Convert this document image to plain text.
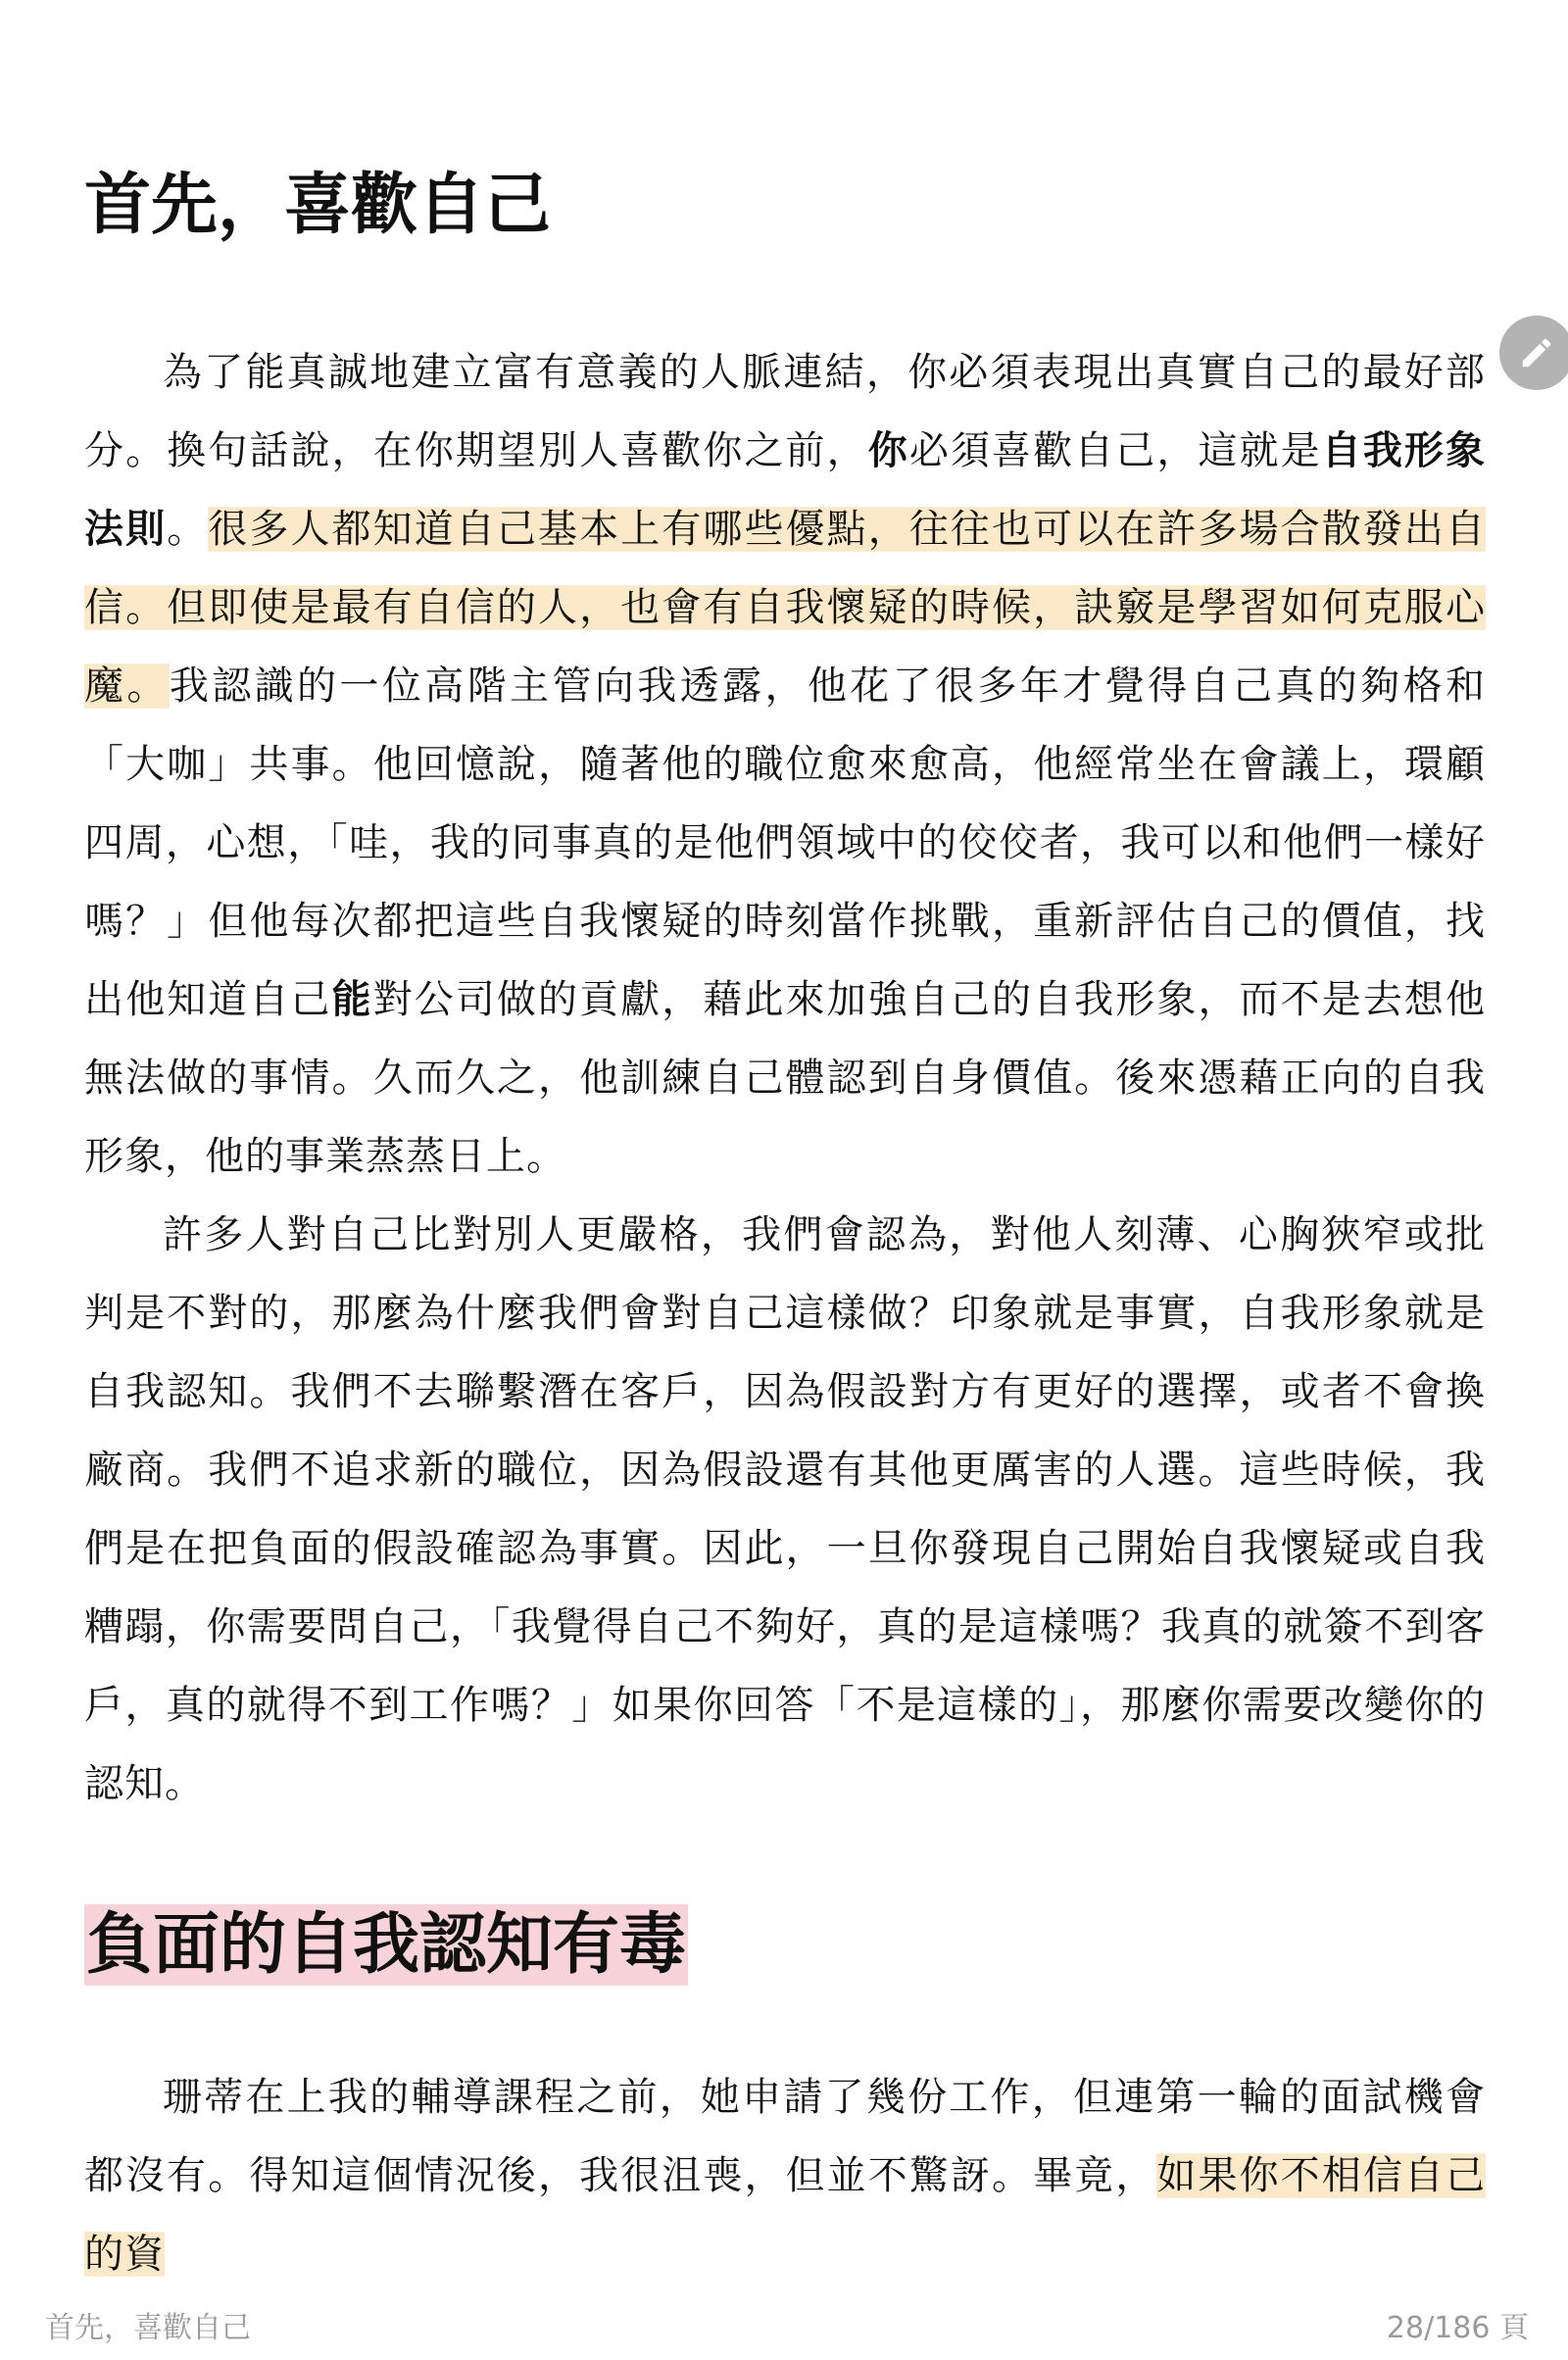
首先，喜歡自己

為了能真誠地建立富有意義的人脈連結，你必須表現出真實自己的最好部分。換句話說，在你期望別人喜歡你之前，你必須喜歡自己，這就是自我形象法則。很多人都知道自己基本上有哪些優點，往往也可以在許多場合散發出自信。但即使是最有自信的人，也會有自我懷疑的時候，訣竅是學習如何克服心魔。我認識的一位高階主管向我透露，他花了很多年才覺得自己真的夠格和「大咖」共事。他回憶說，隨著他的職位愈來愈高，他經常坐在會議上，環顧四周，心想，「哇，我的同事真的是他們領域中的佼佼者，我可以和他們一樣好嗎？」但他每次都把這些自我懷疑的時刻當作挑戰，重新評估自己的價值，找出他知道自己能對公司做的貢獻，藉此來加強自己的自我形象，而不是去想他無法做的事情。久而久之，他訓練自己體認到自身價值。後來憑藉正向的自我形象，他的事業蒸蒸日上。

許多人對自己比對別人更嚴格，我們會認為，對他人刻薄、心胸狹窄或批判是不對的，那麼為什麼我們會對自己這樣做？印象就是事實，自我形象就是自我認知。我們不去聯繫潛在客戶，因為假設對方有更好的選擇，或者不會換廠商。我們不追求新的職位，因為假設還有其他更厲害的人選。這些時候，我們是在把負面的假設確認為事實。因此，一旦你發現自己開始自我懷疑或自我糟蹋，你需要問自己，「我覺得自己不夠好，真的是這樣嗎？我真的就簽不到客戶，真的就得不到工作嗎？」如果你回答「不是這樣的」，那麼你需要改變你的認知。

負面的自我認知有毒

珊蒂在上我的輔導課程之前，她申請了幾份工作，但連第一輪的面試機會都沒有。得知這個情況後，我很沮喪，但並不驚訝。畢竟，如果你不相信自己的資

首先，喜歡自己	28/186 頁
